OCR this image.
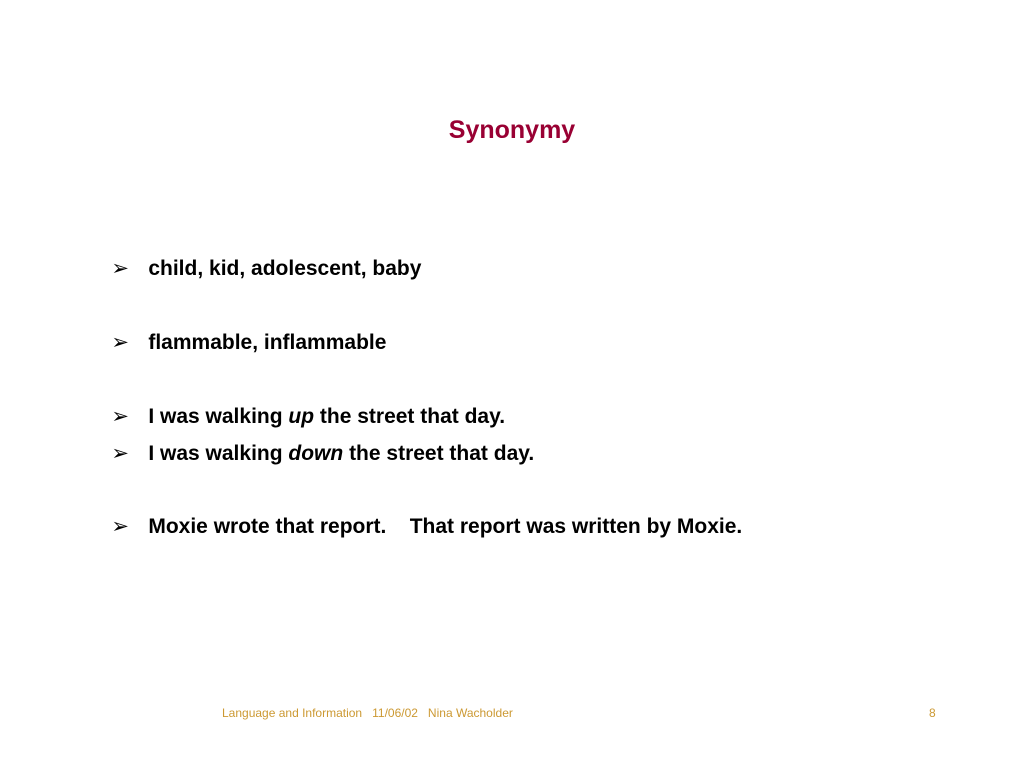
Synonymy

➢ child, kid, adolescent, baby

➢ flammable, inflammable

➢ I was walking up the street that day.

➢ I was walking down the street that day.

➢ Moxie wrote that report.    That report was written by Moxie.

Language and Information   11/06/02   Nina Wacholder	8
